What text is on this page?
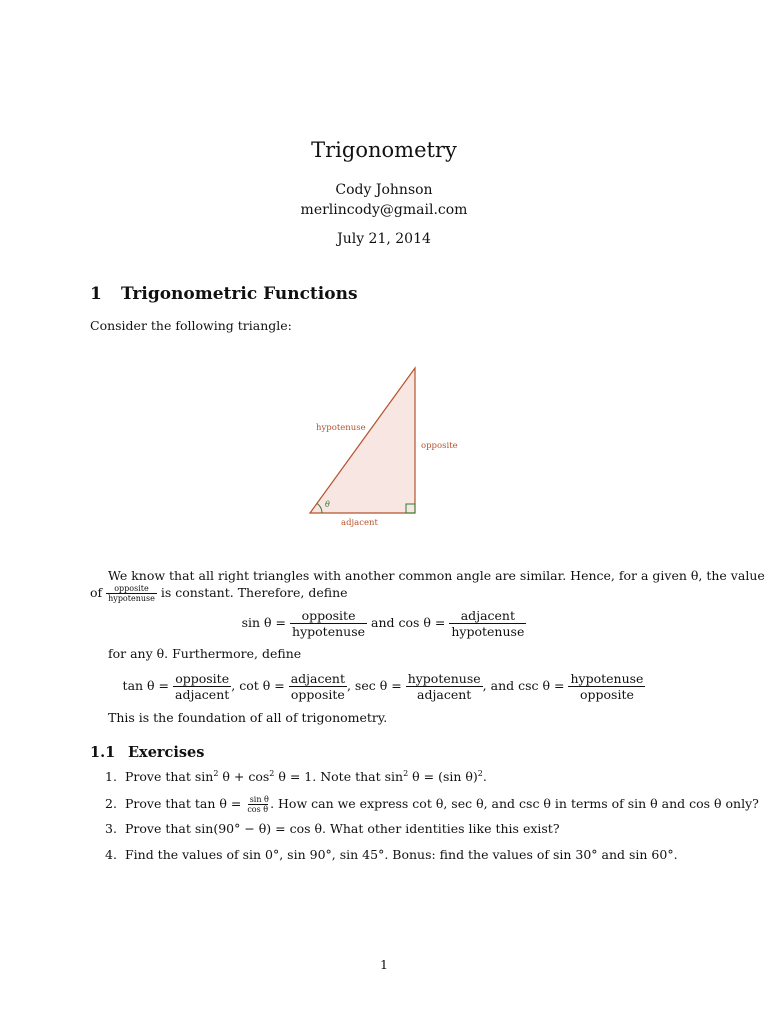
Trigonometry
Cody Johnson
merlincody@gmail.com
July 21, 2014
1 Trigonometric Functions
Consider the following triangle:
θ
hypotenuse
opposite
adjacent
We know that all right triangles with another common angle are similar. Hence, for a given θ, the value
of $\frac{\text{opposite}}{\text{hypotenuse}}$ is constant. Therefore, define
$\sin \theta = \frac{\text{opposite}}{\text{hypotenuse}}$ and $\cos \theta = \frac{\text{adjacent}}{\text{hypotenuse}}$
for any θ. Furthermore, define
$\tan \theta = \frac{\text{opposite}}{\text{adjacent}}$ , $\cot \theta = \frac{\text{adjacent}}{\text{opposite}}$ , $\sec \theta = \frac{\text{hypotenuse}}{\text{adjacent}}$ , and $\csc \theta = \frac{\text{hypotenuse}}{\text{opposite}}$
This is the foundation of all of trigonometry.
1.1 Exercises
1. Prove that $\sin^2 \theta + \cos^2 \theta = 1$. Note that $\sin^2 \theta = (\sin$ θ)$^2$.
2. Prove that $\tan \theta = \frac{\text{sin θ}}{\text{cos θ}}$ . How can we express cot θ, sec θ, and csc θ in terms of sin θ and cos θ only?
3. Prove that sin(90° − θ) = cos θ. What other identities like this exist?
4. Find the values of sin 0°, sin 90°, sin 45°. Bonus: find the values of sin 30° and sin 60°.
1
